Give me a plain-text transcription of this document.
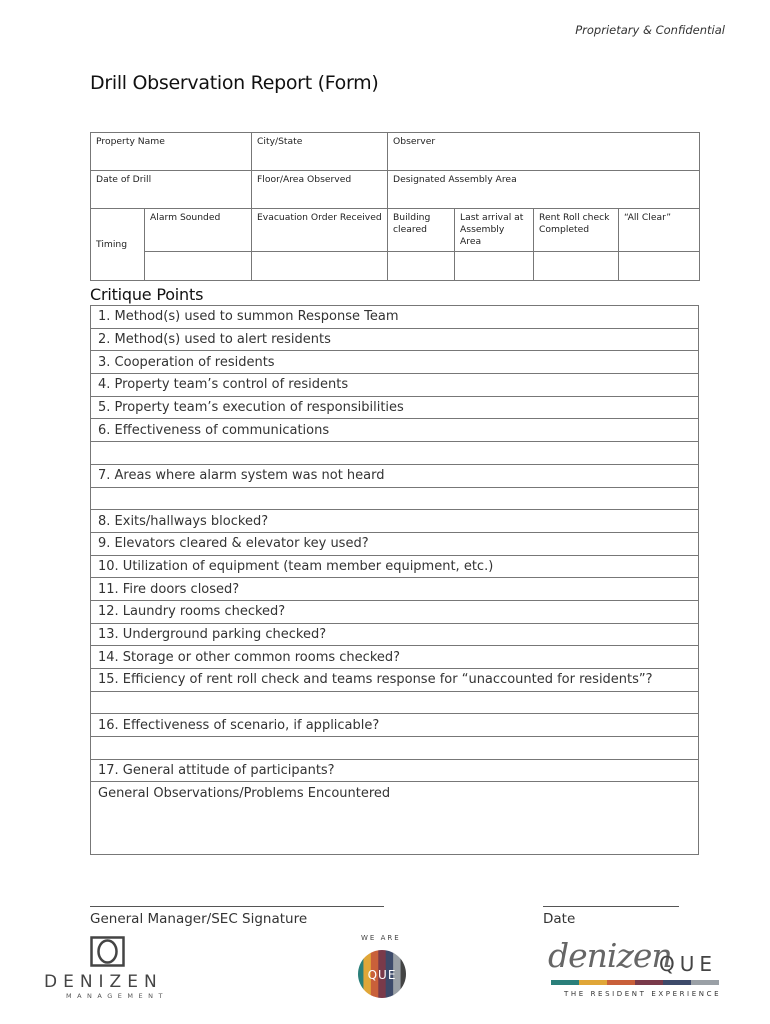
Proprietary & Confidential
Drill Observation Report (Form)
Property Name		City/State	Observer			
Date of Drill		Floor/Area Observed	Designated Assembly Area			
Timing	Alarm Sounded	Evacuation Order Received	Building cleared	Last arrival at Assembly Area	Rent Roll check Completed	“All Clear”

Critique Points
1. Method(s) used to summon Response Team
2. Method(s) used to alert residents
3. Cooperation of residents
4. Property team’s control of residents
5. Property team’s execution of responsibilities
6. Effectiveness of communications

7. Areas where alarm system was not heard

8. Exits/hallways blocked?
9. Elevators cleared & elevator key used?
10. Utilization of equipment (team member equipment, etc.)
11. Fire doors closed?
12. Laundry rooms checked?
13. Underground parking checked?
14. Storage or other common rooms checked?
15. Efficiency of rent roll check and teams response for “unaccounted for residents”?

16. Effectiveness of scenario, if applicable?

17. General attitude of participants?
General Observations/Problems Encountered
General Manager/SEC Signature	Date
DENIZEN
MANAGEMENT
WE ARE
QUE	denizen
QUE
THE RESIDENT EXPERIENCE
